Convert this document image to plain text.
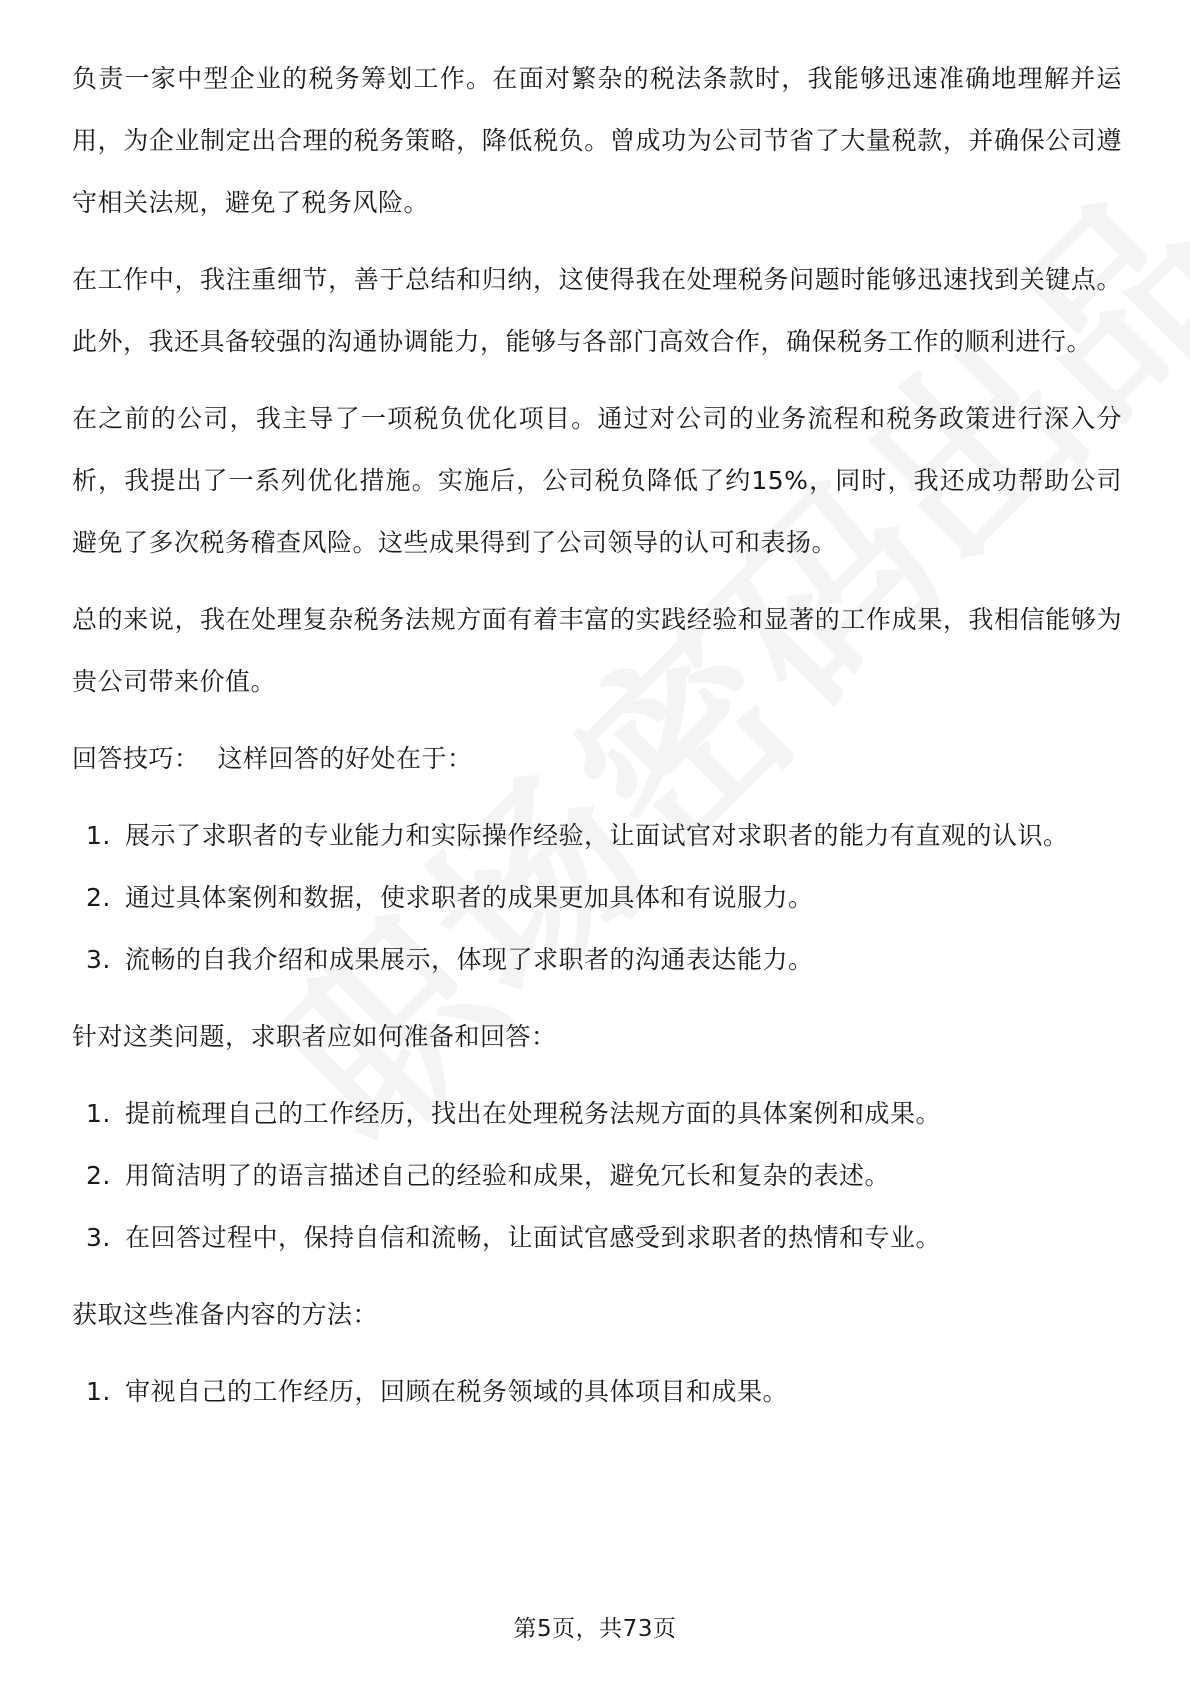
负责一家中型企业的税务筹划工作。在面对繁杂的税法条款时，我能够迅速准确地理解并运用，为企业制定出合理的税务策略，降低税负。曾成功为公司节省了大量税款，并确保公司遵守相关法规，避免了税务风险。

在工作中，我注重细节，善于总结和归纳，这使得我在处理税务问题时能够迅速找到关键点。此外，我还具备较强的沟通协调能力，能够与各部门高效合作，确保税务工作的顺利进行。

在之前的公司，我主导了一项税负优化项目。通过对公司的业务流程和税务政策进行深入分析，我提出了一系列优化措施。实施后，公司税负降低了约15%，同时，我还成功帮助公司避免了多次税务稽查风险。这些成果得到了公司领导的认可和表扬。

总的来说，我在处理复杂税务法规方面有着丰富的实践经验和显著的工作成果，我相信能够为贵公司带来价值。

回答技巧： 这样回答的好处在于：

1. 展示了求职者的专业能力和实际操作经验，让面试官对求职者的能力有直观的认识。
2. 通过具体案例和数据，使求职者的成果更加具体和有说服力。
3. 流畅的自我介绍和成果展示，体现了求职者的沟通表达能力。

针对这类问题，求职者应如何准备和回答：

1. 提前梳理自己的工作经历，找出在处理税务法规方面的具体案例和成果。
2. 用简洁明了的语言描述自己的经验和成果，避免冗长和复杂的表述。
3. 在回答过程中，保持自信和流畅，让面试官感受到求职者的热情和专业。

获取这些准备内容的方法：

1. 审视自己的工作经历，回顾在税务领域的具体项目和成果。
第5页，共73页
